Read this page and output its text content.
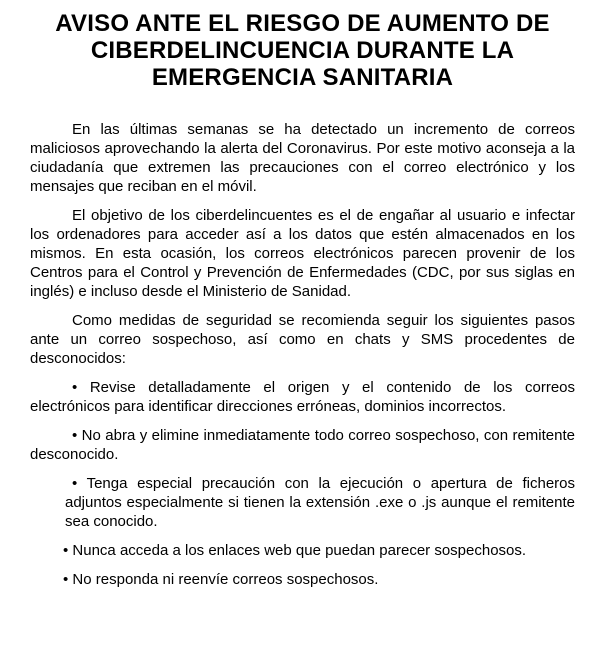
AVISO ANTE EL RIESGO DE AUMENTO DE
CIBERDELINCUENCIA DURANTE LA
EMERGENCIA SANITARIA

En las últimas semanas se ha detectado un incremento de correos maliciosos aprovechando la alerta del Coronavirus. Por este motivo aconseja a la ciudadanía que extremen las precauciones con el correo electrónico y los mensajes que reciban en el móvil.

El objetivo de los ciberdelincuentes es el de engañar al usuario e infectar los ordenadores para acceder así a los datos que estén almacenados en los mismos. En esta ocasión, los correos electrónicos parecen provenir de los Centros para el Control y Prevención de Enfermedades (CDC, por sus siglas en inglés) e incluso desde el Ministerio de Sanidad.

Como medidas de seguridad se recomienda seguir los siguientes pasos ante un correo sospechoso, así como en chats y SMS procedentes de desconocidos:

• Revise detalladamente el origen y el contenido de los correos electrónicos para identificar direcciones erróneas, dominios incorrectos.

• No abra y elimine inmediatamente todo correo sospechoso, con remitente desconocido.

• Tenga especial precaución con la ejecución o apertura de ficheros adjuntos especialmente si tienen la extensión .exe o .js aunque el remitente sea conocido.

• Nunca acceda a los enlaces web que puedan parecer sospechosos.

• No responda ni reenvíe correos sospechosos.
